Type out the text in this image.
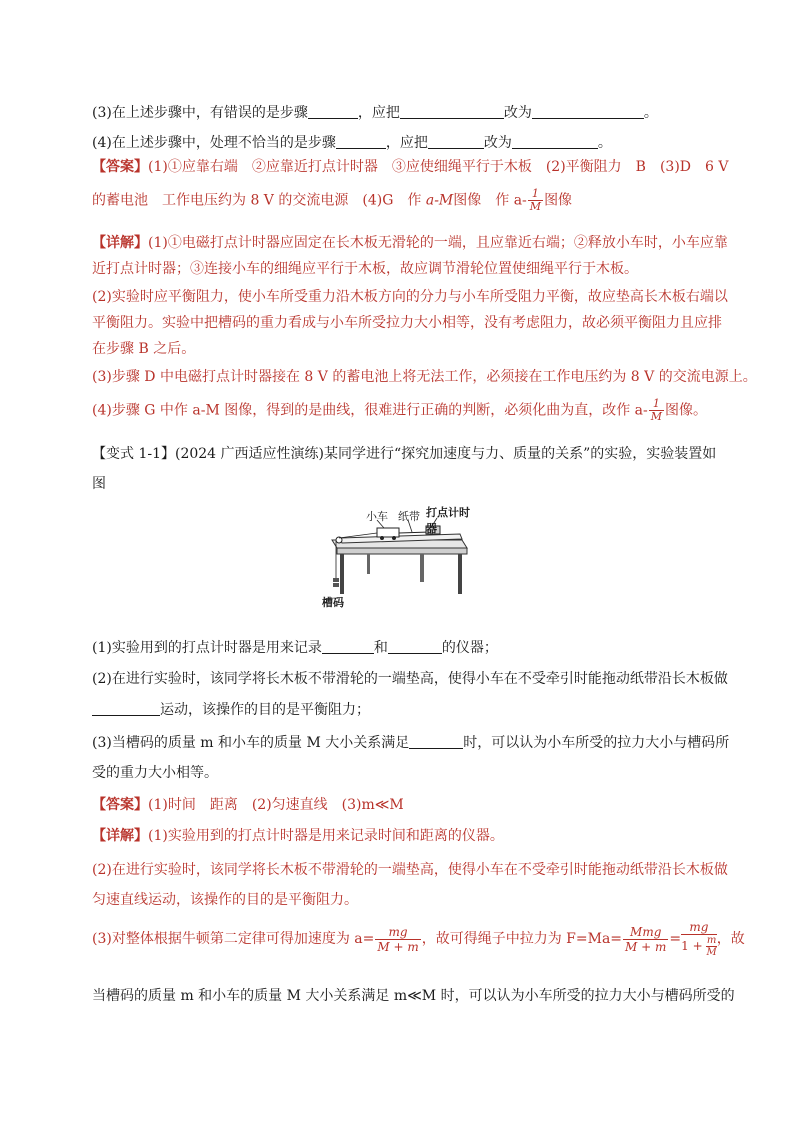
(3)在上述步骤中，有错误的是步骤	，应把	改为	。
(4)在上述步骤中，处理不恰当的是步骤	，应把	改为	。
【答案】(1)①应靠右端　②应靠近打点计时器　③应使细绳平行于木板　(2)平衡阻力　B　(3)D　6 V
的蓄电池　工作电压约为 8 V 的交流电源　(4)G　作 a-M图像　作 $a- \frac{1}{M}$ 图像
【详解】(1)①电磁打点计时器应固定在长木板无滑轮的一端，且应靠近右端；②释放小车时，小车应靠
近打点计时器；③连接小车的细绳应平行于木板，故应调节滑轮位置使细绳平行于木板。
(2)实验时应平衡阻力，使小车所受重力沿木板方向的分力与小车所受阻力平衡，故应垫高长木板右端以
平衡阻力。实验中把槽码的重力看成与小车所受拉力大小相等，没有考虑阻力，故必须平衡阻力且应排
在步骤 B 之后。
(3)步骤 D 中电磁打点计时器接在 8 V 的蓄电池上将无法工作，必须接在工作电压约为 8 V 的交流电源上。
(4)步骤 G 中作 a-M 图像，得到的是曲线，很难进行正确的判断，必须化曲为直，改作 $a- \frac{1}{M}$ 图像。
【变式 1-1】(2024 广西适应性演练)某同学进行“探究加速度与力、质量的关系”的实验，实验装置如
图
小车 纸带 打点计时器
槽码
(1)实验用到的打点计时器是用来记录	和	的仪器；
(2)在进行实验时，该同学将长木板不带滑轮的一端垫高，使得小车在不受牵引时能拖动纸带沿长木板做
运动，该操作的目的是平衡阻力；
(3)当槽码的质量 m 和小车的质量 M 大小关系满足	时，可以认为小车所受的拉力大小与槽码所
受的重力大小相等。
【答案】(1)时间　距离　(2)匀速直线　(3)m≪M
【详解】(1)实验用到的打点计时器是用来记录时间和距离的仪器。
(2)在进行实验时，该同学将长木板不带滑轮的一端垫高，使得小车在不受牵引时能拖动纸带沿长木板做
匀速直线运动，该操作的目的是平衡阻力。
(3)对整体根据牛顿第二定律可得加速度为 $a= \frac{mg}{M + m}$ ，故可得绳子中拉力为 $F=Ma= \frac{\text{Mmg}}{M + m} = \frac{mg}{1 + \frac{m}{M}}$ ，故
当槽码的质量 m 和小车的质量 M 大小关系满足 m≪M 时，可以认为小车所受的拉力大小与槽码所受的
